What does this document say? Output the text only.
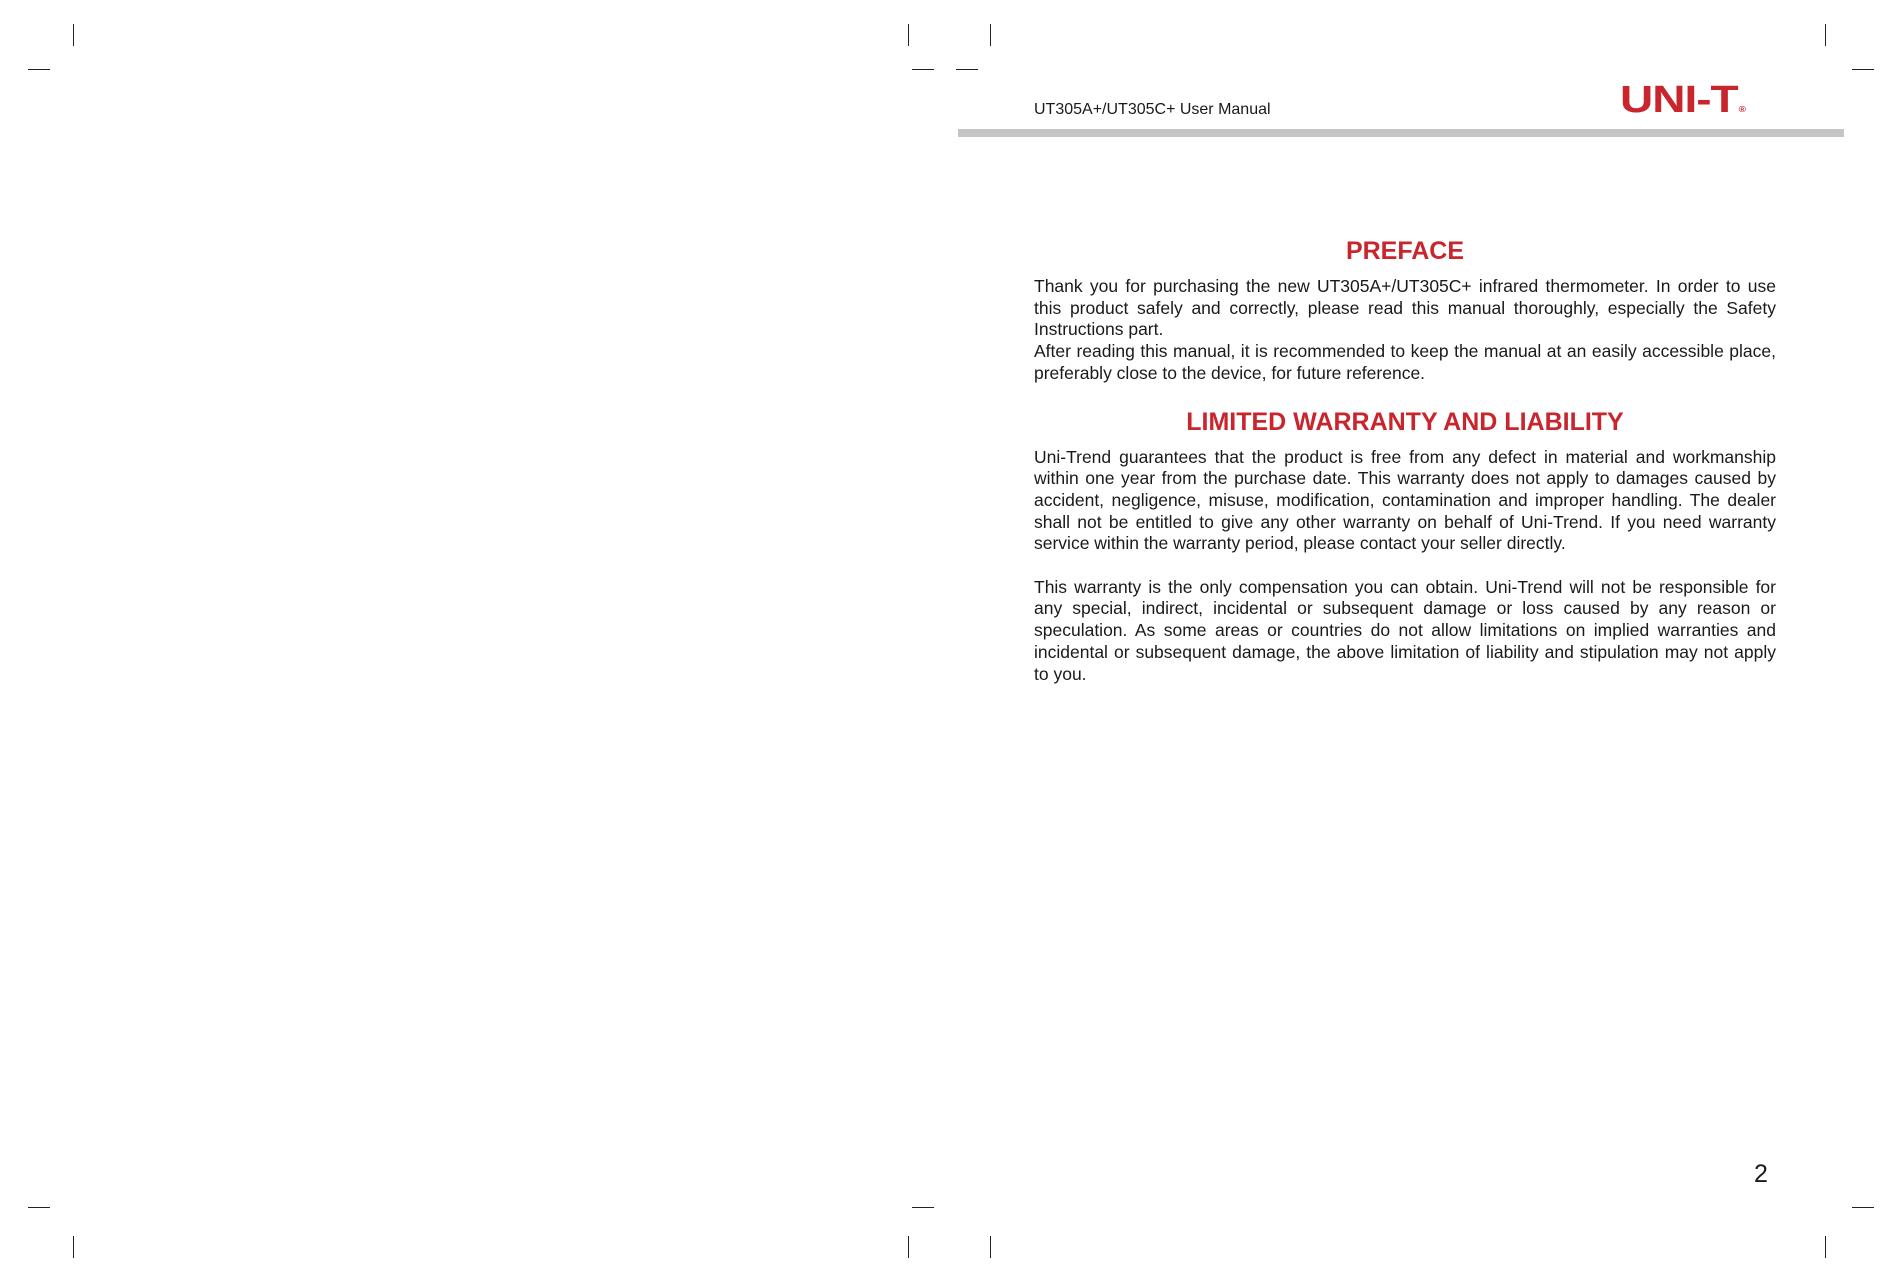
UT305A+/UT305C+ User Manual	UNI-T®
PREFACE

Thank you for purchasing the new UT305A+/UT305C+ infrared thermometer. In order to use this product safely and correctly, please read this manual thoroughly, especially the Safety Instructions part.

After reading this manual, it is recommended to keep the manual at an easily accessible place, preferably close to the device, for future reference.

LIMITED WARRANTY AND LIABILITY

Uni-Trend guarantees that the product is free from any defect in material and workmanship within one year from the purchase date. This warranty does not apply to damages caused by accident, negligence, misuse, modification, contamination and improper handling. The dealer shall not be entitled to give any other warranty on behalf of Uni-Trend. If you need warranty service within the warranty period, please contact your seller directly.

This warranty is the only compensation you can obtain. Uni-Trend will not be responsible for any special, indirect, incidental or subsequent damage or loss caused by any reason or speculation. As some areas or countries do not allow limitations on implied warranties and incidental or subsequent damage, the above limitation of liability and stipulation may not apply to you.

2
